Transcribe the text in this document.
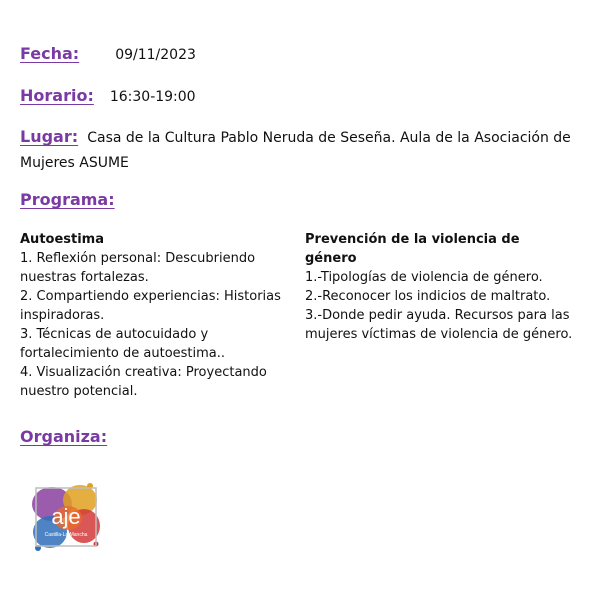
Fecha:	09/11/2023
Horario: 16:30-19:00
Lugar: Casa de la Cultura Pablo Neruda de Seseña. Aula de la Asociación de Mujeres ASUME
Programa:
Autoestima
1. Reflexión personal: Descubriendo nuestras fortalezas.
2. Compartiendo experiencias: Historias inspiradoras.
3. Técnicas de autocuidado y fortalecimiento de autoestima..
4. Visualización creativa: Proyectando nuestro potencial.
Prevención de la violencia de género
1.-Tipologías de violencia de género.
2.-Reconocer los indicios de maltrato.
3.-Donde pedir ayuda. Recursos para las mujeres víctimas de violencia de género.
Organiza:
aje
Castilla-La Mancha
